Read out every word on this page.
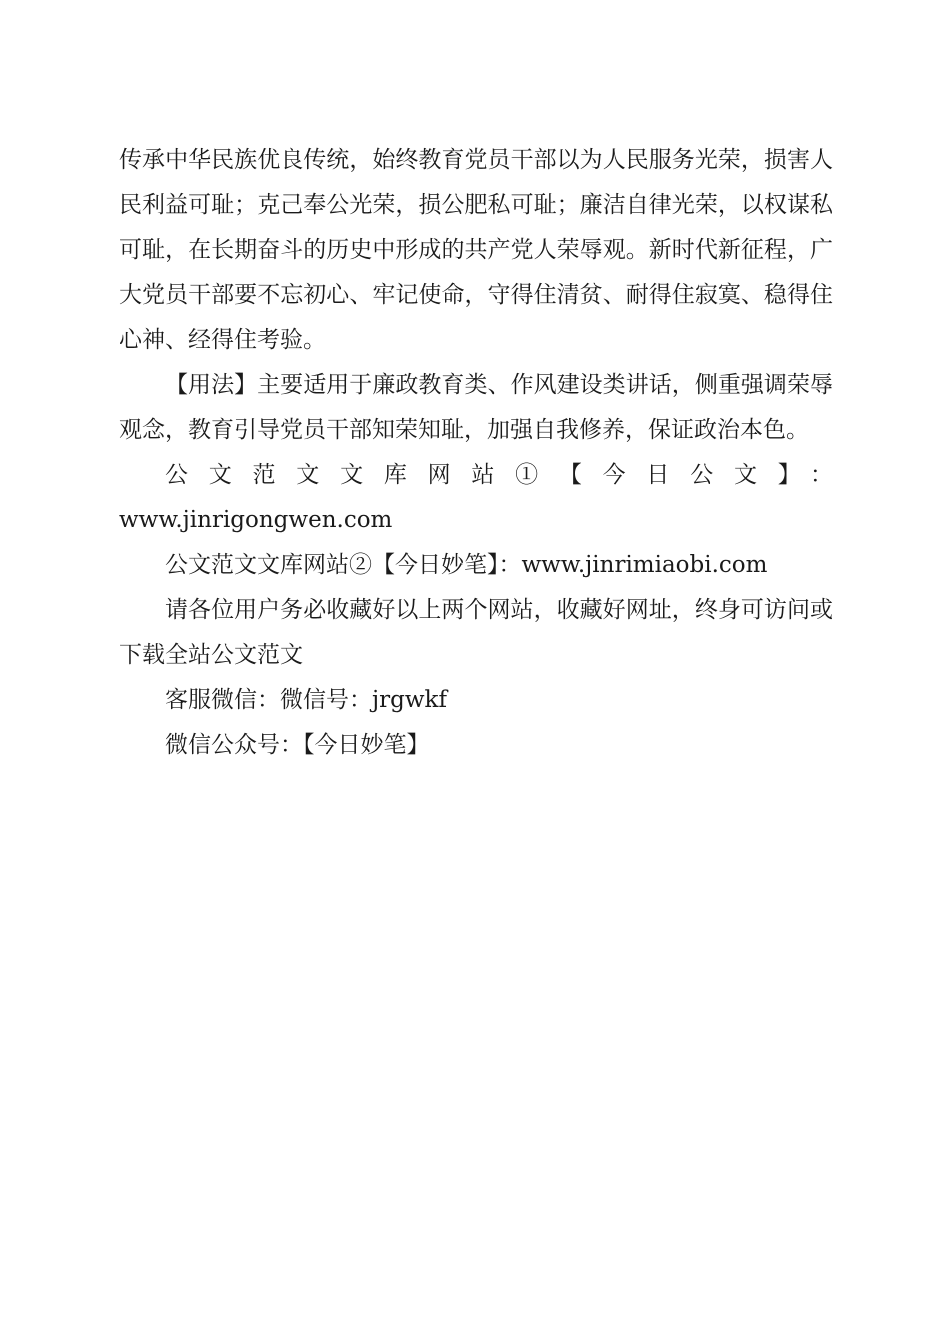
传承中华民族优良传统，始终教育党员干部以为人民服务光荣，损害人民利益可耻；克己奉公光荣，损公肥私可耻；廉洁自律光荣，以权谋私可耻，在长期奋斗的历史中形成的共产党人荣辱观。新时代新征程，广大党员干部要不忘初心、牢记使命，守得住清贫、耐得住寂寞、稳得住心神、经得住考验。

【用法】主要适用于廉政教育类、作风建设类讲话，侧重强调荣辱观念，教育引导党员干部知荣知耻，加强自我修养，保证政治本色。

公文范文文库网站①【今日公文】：

www.jinrigongwen.com

公文范文文库网站②【今日妙笔】：www.jinrimiaobi.com

请各位用户务必收藏好以上两个网站，收藏好网址，终身可访问或下载全站公文范文

客服微信：微信号：jrgwkf

微信公众号：【今日妙笔】
